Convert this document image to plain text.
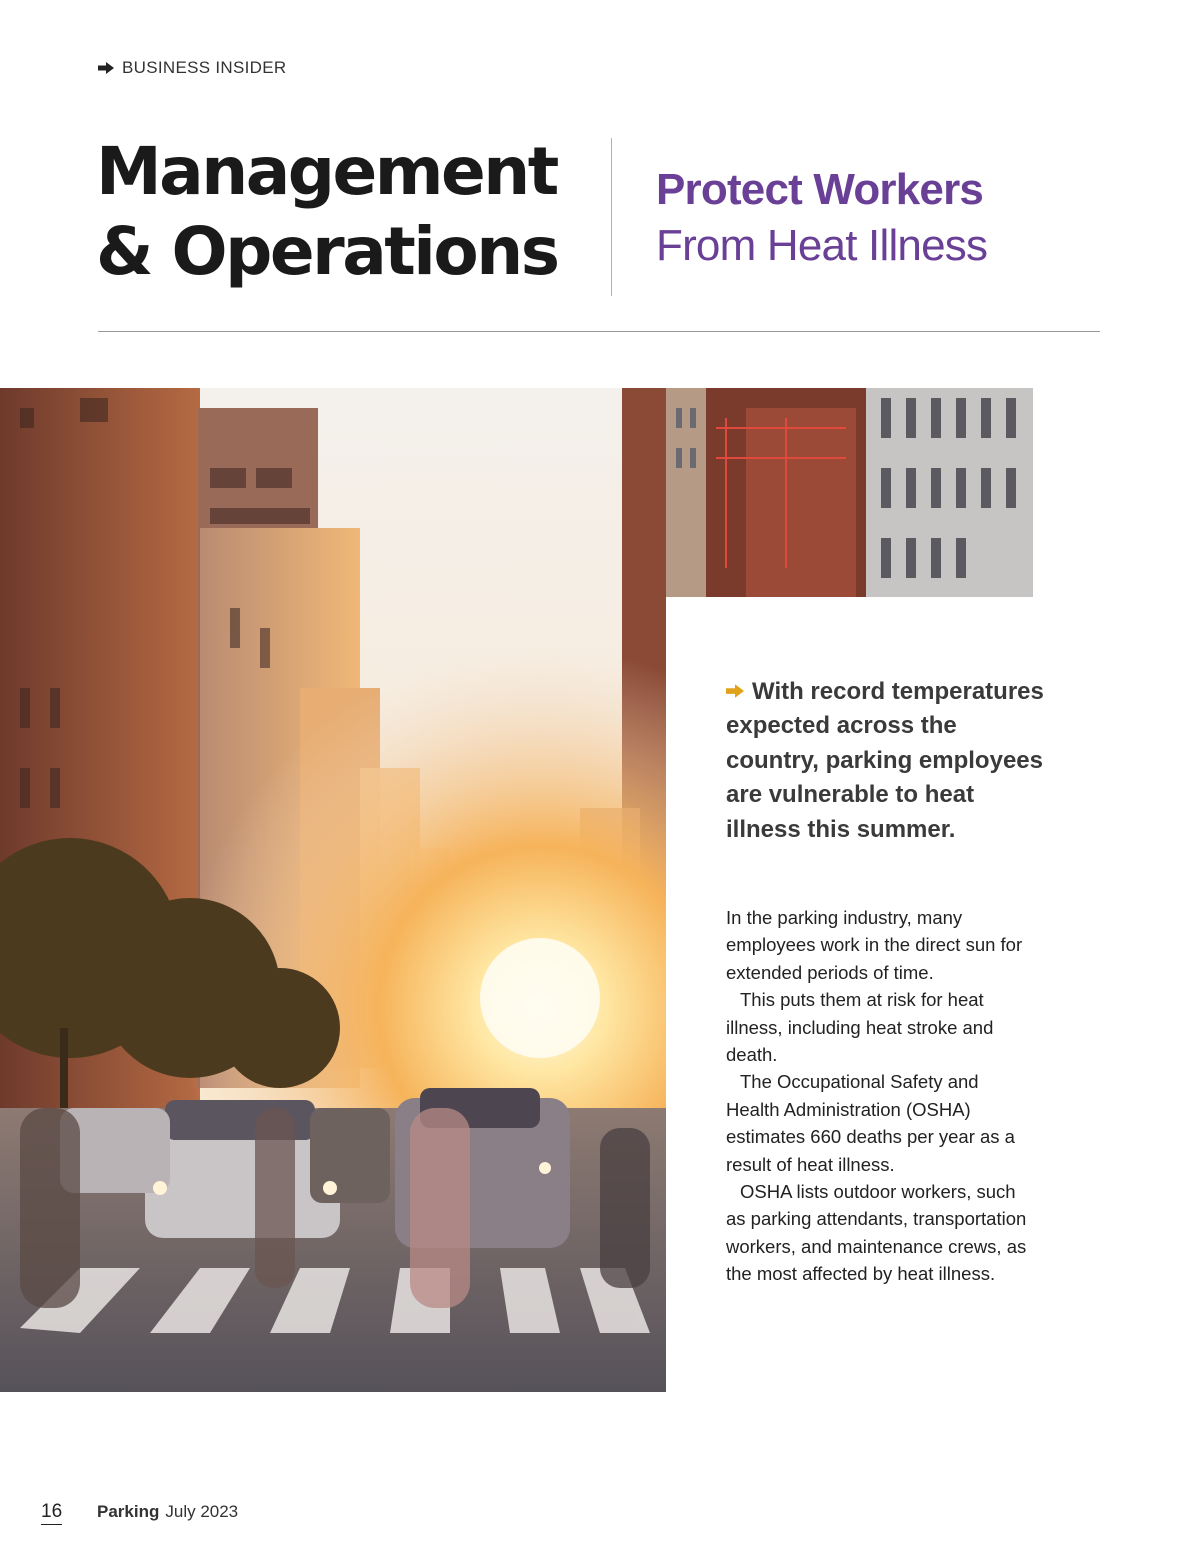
BUSINESS INSIDER
Management
& Operations
Protect Workers
From Heat Illness
With record temperatures expected across the country, parking employees are vulnerable to heat illness this summer.

In the parking industry, many employees work in the direct sun for extended periods of time.

This puts them at risk for heat illness, including heat stroke and death.

The Occupational Safety and Health Administration (OSHA) estimates 660 deaths per year as a result of heat illness.

OSHA lists outdoor workers, such as parking attendants, transportation workers, and maintenance crews, as the most affected by heat illness.

16 Parking July 2023
